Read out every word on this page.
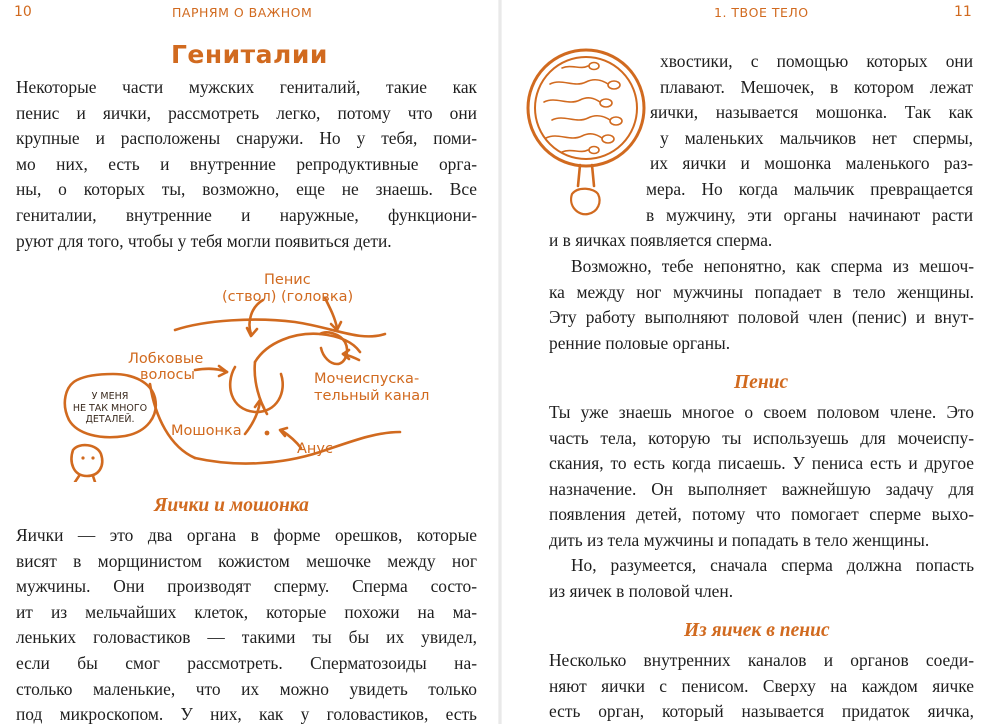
10	ПАРНЯМ О ВАЖНОМ
Гениталии
Некоторые части мужских гениталий, такие как
пенис и яички, рассмотреть легко, потому что они
крупные и расположены снаружи. Но у тебя, поми-
мо них, есть и внутренние репродуктивные орга-
ны, о которых ты, возможно, еще не знаешь. Все
гениталии, внутренние и наружные, функциони-
руют для того, чтобы у тебя могли появиться дети.
Пенис
(ствол) (головка)
Лобковые
волосы	Мочеиспуска-
тельный канал
Мошонка
Анус
У МЕНЯ
НЕ ТАК МНОГО
ДЕТАЛЕЙ.
Яички и мошонка
Яички — это два органа в форме орешков, которые
висят в морщинистом кожистом мешочке между ног
мужчины. Они производят сперму. Сперма состо-
ит из мельчайших клеток, которые похожи на ма-
леньких головастиков — такими ты бы их увидел,
если бы смог рассмотреть. Сперматозоиды на-
столько маленькие, что их можно увидеть только
под микроскопом. У них, как у головастиков, есть
1. ТВОЕ ТЕЛО	11
хвостики, с помощью которых они
плавают. Мешочек, в котором лежат
яички, называется мошонка. Так как
у маленьких мальчиков нет спермы,
их яички и мошонка маленького раз-
мера. Но когда мальчик превращается
в мужчину, эти органы начинают расти
и в яичках появляется сперма.
Возможно, тебе непонятно, как сперма из мешоч-
ка между ног мужчины попадает в тело женщины.
Эту работу выполняют половой член (пенис) и внут-
ренние половые органы.
Пенис
Ты уже знаешь многое о своем половом члене. Это
часть тела, которую ты используешь для мочеиспу-
скания, то есть когда писаешь. У пениса есть и другое
назначение. Он выполняет важнейшую задачу для
появления детей, потому что помогает сперме выхо-
дить из тела мужчины и попадать в тело женщины.
Но, разумеется, сначала сперма должна попасть
из яичек в половой член.
Из яичек в пенис
Несколько внутренних каналов и органов соеди-
няют яички с пенисом. Сверху на каждом яичке
есть орган, который называется придаток яичка,
